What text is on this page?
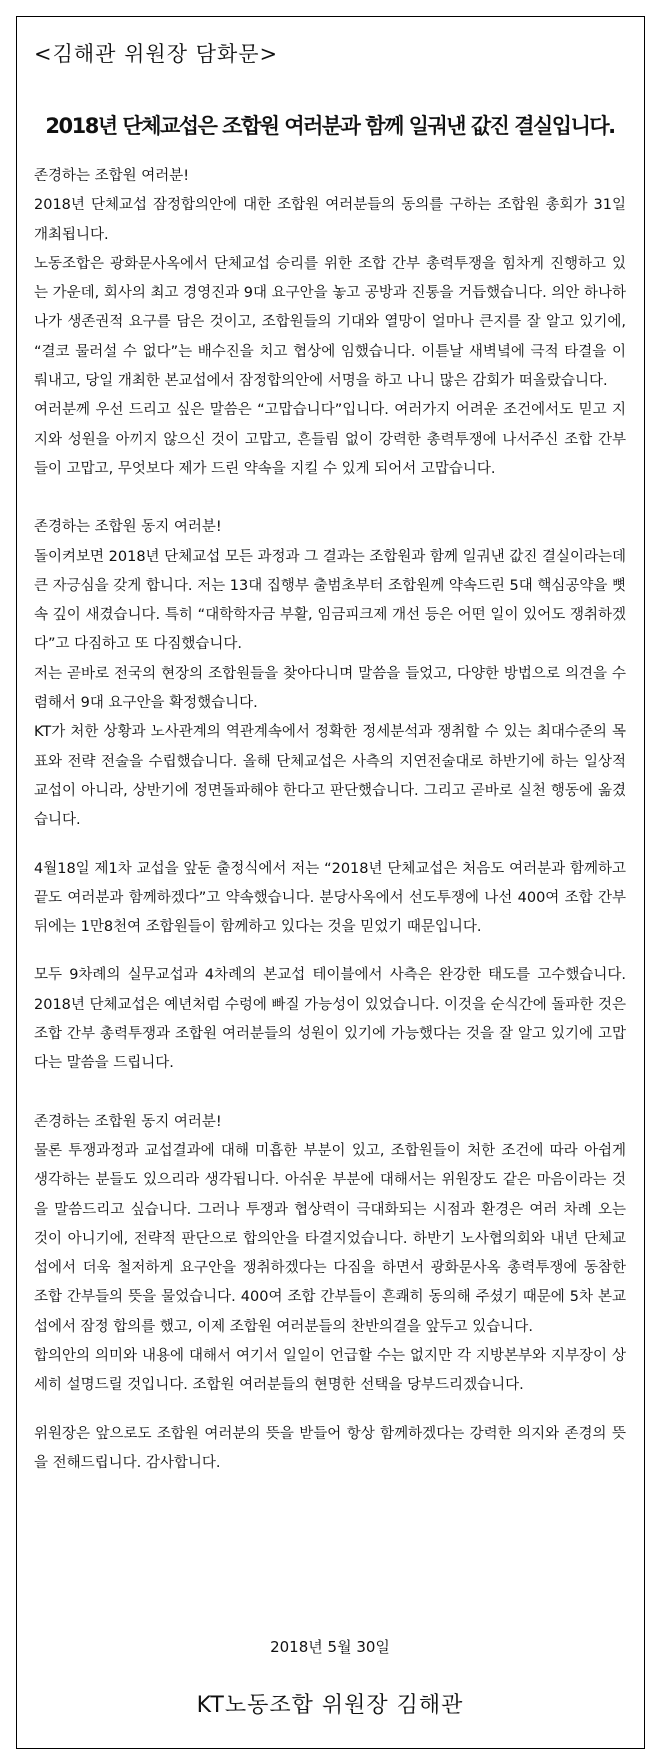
<김해관 위원장 담화문>
2018년 단체교섭은 조합원 여러분과 함께 일궈낸 값진 결실입니다.

존경하는 조합원 여러분!

2018년 단체교섭 잠정합의안에 대한 조합원 여러분들의 동의를 구하는 조합원 총회가 31일 개최됩니다.

노동조합은 광화문사옥에서 단체교섭 승리를 위한 조합 간부 총력투쟁을 힘차게 진행하고 있는 가운데, 회사의 최고 경영진과 9대 요구안을 놓고 공방과 진통을 거듭했습니다. 의안 하나하나가 생존권적 요구를 담은 것이고, 조합원들의 기대와 열망이 얼마나 큰지를 잘 알고 있기에, “결코 물러설 수 없다”는 배수진을 치고 협상에 임했습니다. 이튿날 새벽녘에 극적 타결을 이뤄내고, 당일 개최한 본교섭에서 잠정합의안에 서명을 하고 나니 많은 감회가 떠올랐습니다.

여러분께 우선 드리고 싶은 말씀은 “고맙습니다”입니다. 여러가지 어려운 조건에서도 믿고 지지와 성원을 아끼지 않으신 것이 고맙고, 흔들림 없이 강력한 총력투쟁에 나서주신 조합 간부들이 고맙고, 무엇보다 제가 드린 약속을 지킬 수 있게 되어서 고맙습니다.

존경하는 조합원 동지 여러분!

돌이켜보면 2018년 단체교섭 모든 과정과 그 결과는 조합원과 함께 일궈낸 값진 결실이라는데 큰 자긍심을 갖게 합니다. 저는 13대 집행부 출범초부터 조합원께 약속드린 5대 핵심공약을 뼛속 깊이 새겼습니다. 특히 “대학학자금 부활, 임금피크제 개선 등은 어떤 일이 있어도 쟁취하겠다”고 다짐하고 또 다짐했습니다.

저는 곧바로 전국의 현장의 조합원들을 찾아다니며 말씀을 들었고, 다양한 방법으로 의견을 수렴해서 9대 요구안을 확정했습니다.

KT가 처한 상황과 노사관계의 역관계속에서 정확한 정세분석과 쟁취할 수 있는 최대수준의 목표와 전략 전술을 수립했습니다. 올해 단체교섭은 사측의 지연전술대로 하반기에 하는 일상적 교섭이 아니라, 상반기에 정면돌파해야 한다고 판단했습니다. 그리고 곧바로 실천 행동에 옮겼습니다.

4월18일 제1차 교섭을 앞둔 출정식에서 저는 “2018년 단체교섭은 처음도 여러분과 함께하고 끝도 여러분과 함께하겠다”고 약속했습니다. 분당사옥에서 선도투쟁에 나선 400여 조합 간부 뒤에는 1만8천여 조합원들이 함께하고 있다는 것을 믿었기 때문입니다.

모두 9차례의 실무교섭과 4차례의 본교섭 테이블에서 사측은 완강한 태도를 고수했습니다. 2018년 단체교섭은 예년처럼 수렁에 빠질 가능성이 있었습니다. 이것을 순식간에 돌파한 것은 조합 간부 총력투쟁과 조합원 여러분들의 성원이 있기에 가능했다는 것을 잘 알고 있기에 고맙다는 말씀을 드립니다.

존경하는 조합원 동지 여러분!

물론 투쟁과정과 교섭결과에 대해 미흡한 부분이 있고, 조합원들이 처한 조건에 따라 아쉽게 생각하는 분들도 있으리라 생각됩니다. 아쉬운 부분에 대해서는 위원장도 같은 마음이라는 것을 말씀드리고 싶습니다. 그러나 투쟁과 협상력이 극대화되는 시점과 환경은 여러 차례 오는 것이 아니기에, 전략적 판단으로 합의안을 타결지었습니다. 하반기 노사협의회와 내년 단체교섭에서 더욱 철저하게 요구안을 쟁취하겠다는 다짐을 하면서 광화문사옥 총력투쟁에 동참한 조합 간부들의 뜻을 물었습니다. 400여 조합 간부들이 흔쾌히 동의해 주셨기 때문에 5차 본교섭에서 잠정 합의를 했고, 이제 조합원 여러분들의 찬반의결을 앞두고 있습니다.

합의안의 의미와 내용에 대해서 여기서 일일이 언급할 수는 없지만 각 지방본부와 지부장이 상세히 설명드릴 것입니다. 조합원 여러분들의 현명한 선택을 당부드리겠습니다.

위원장은 앞으로도 조합원 여러분의 뜻을 받들어 항상 함께하겠다는 강력한 의지와 존경의 뜻을 전해드립니다. 감사합니다.

2018년 5월 30일
KT노동조합 위원장 김해관
